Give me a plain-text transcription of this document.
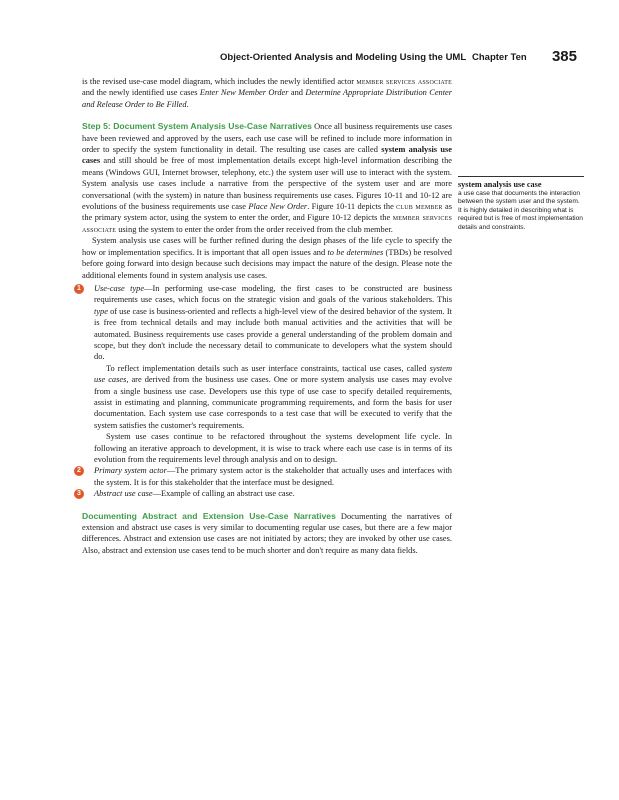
Object-Oriented Analysis and Modeling Using the UML Chapter Ten 385

is the revised use-case model diagram, which includes the newly identified actor member services associate and the newly identified use cases Enter New Member Order and Determine Appropriate Distribution Center and Release Order to Be Filled.

Step 5: Document System Analysis Use-Case Narratives Once all business requirements use cases have been reviewed and approved by the users, each use case will be refined to include more information in order to specify the system functionality in detail. The resulting use cases are called system analysis use cases and still should be free of most implementation details except high-level information describing the means (Windows GUI, Internet browser, telephony, etc.) the system user will use to interact with the system. System analysis use cases include a narrative from the perspective of the system user and are more conversational (with the system) in nature than business requirements use cases. Figures 10-11 and 10-12 are evolutions of the business requirements use case Place New Order. Figure 10-11 depicts the club member as the primary system actor, using the system to enter the order, and Figure 10-12 depicts the member services associate using the system to enter the order from the order received from the club member.

System analysis use cases will be further refined during the design phases of the life cycle to specify the how or implementation specifics. It is important that all open issues and to be determines (TBDs) be resolved before going forward into design because such decisions may impact the nature of the design. Please note the additional elements found in system analysis use cases.

1	Use-case type—In performing use-case modeling, the first cases to be constructed are business requirements use cases, which focus on the strategic vision and goals of the various stakeholders. This type of use case is business-oriented and reflects a high-level view of the desired behavior of the system. It is free from technical details and may include both manual activities and the activities that will be automated. Business requirements use cases provide a general understanding of the problem domain and scope, but they don't include the necessary detail to communicate to developers what the system should do.

To reflect implementation details such as user interface constraints, tactical use cases, called system use cases, are derived from the business use cases. One or more system analysis use cases may evolve from a single business use case. Developers use this type of use case to specify detailed requirements, assist in estimating and planning, communicate programming requirements, and form the basis for user documentation. Each system use case corresponds to a test case that will be executed to verify that the system satisfies the customer's requirements.

System use cases continue to be refactored throughout the systems development life cycle. In following an iterative approach to development, it is wise to track where each use case is in terms of its evolution from the requirements level through analysis and on to design.

2	Primary system actor—The primary system actor is the stakeholder that actually uses and interfaces with the system. It is for this stakeholder that the interface must be designed.

3	Abstract use case—Example of calling an abstract use case.

Documenting Abstract and Extension Use-Case Narratives Documenting the narratives of extension and abstract use cases is very similar to documenting regular use cases, but there are a few major differences. Abstract and extension use cases are not initiated by actors; they are invoked by other use cases. Also, abstract and extension use cases tend to be much shorter and don't require as many data fields.

system analysis use case
a use case that documents the interaction between the system user and the system. It is highly detailed in describing what is required but is free of most implementation details and constraints.
